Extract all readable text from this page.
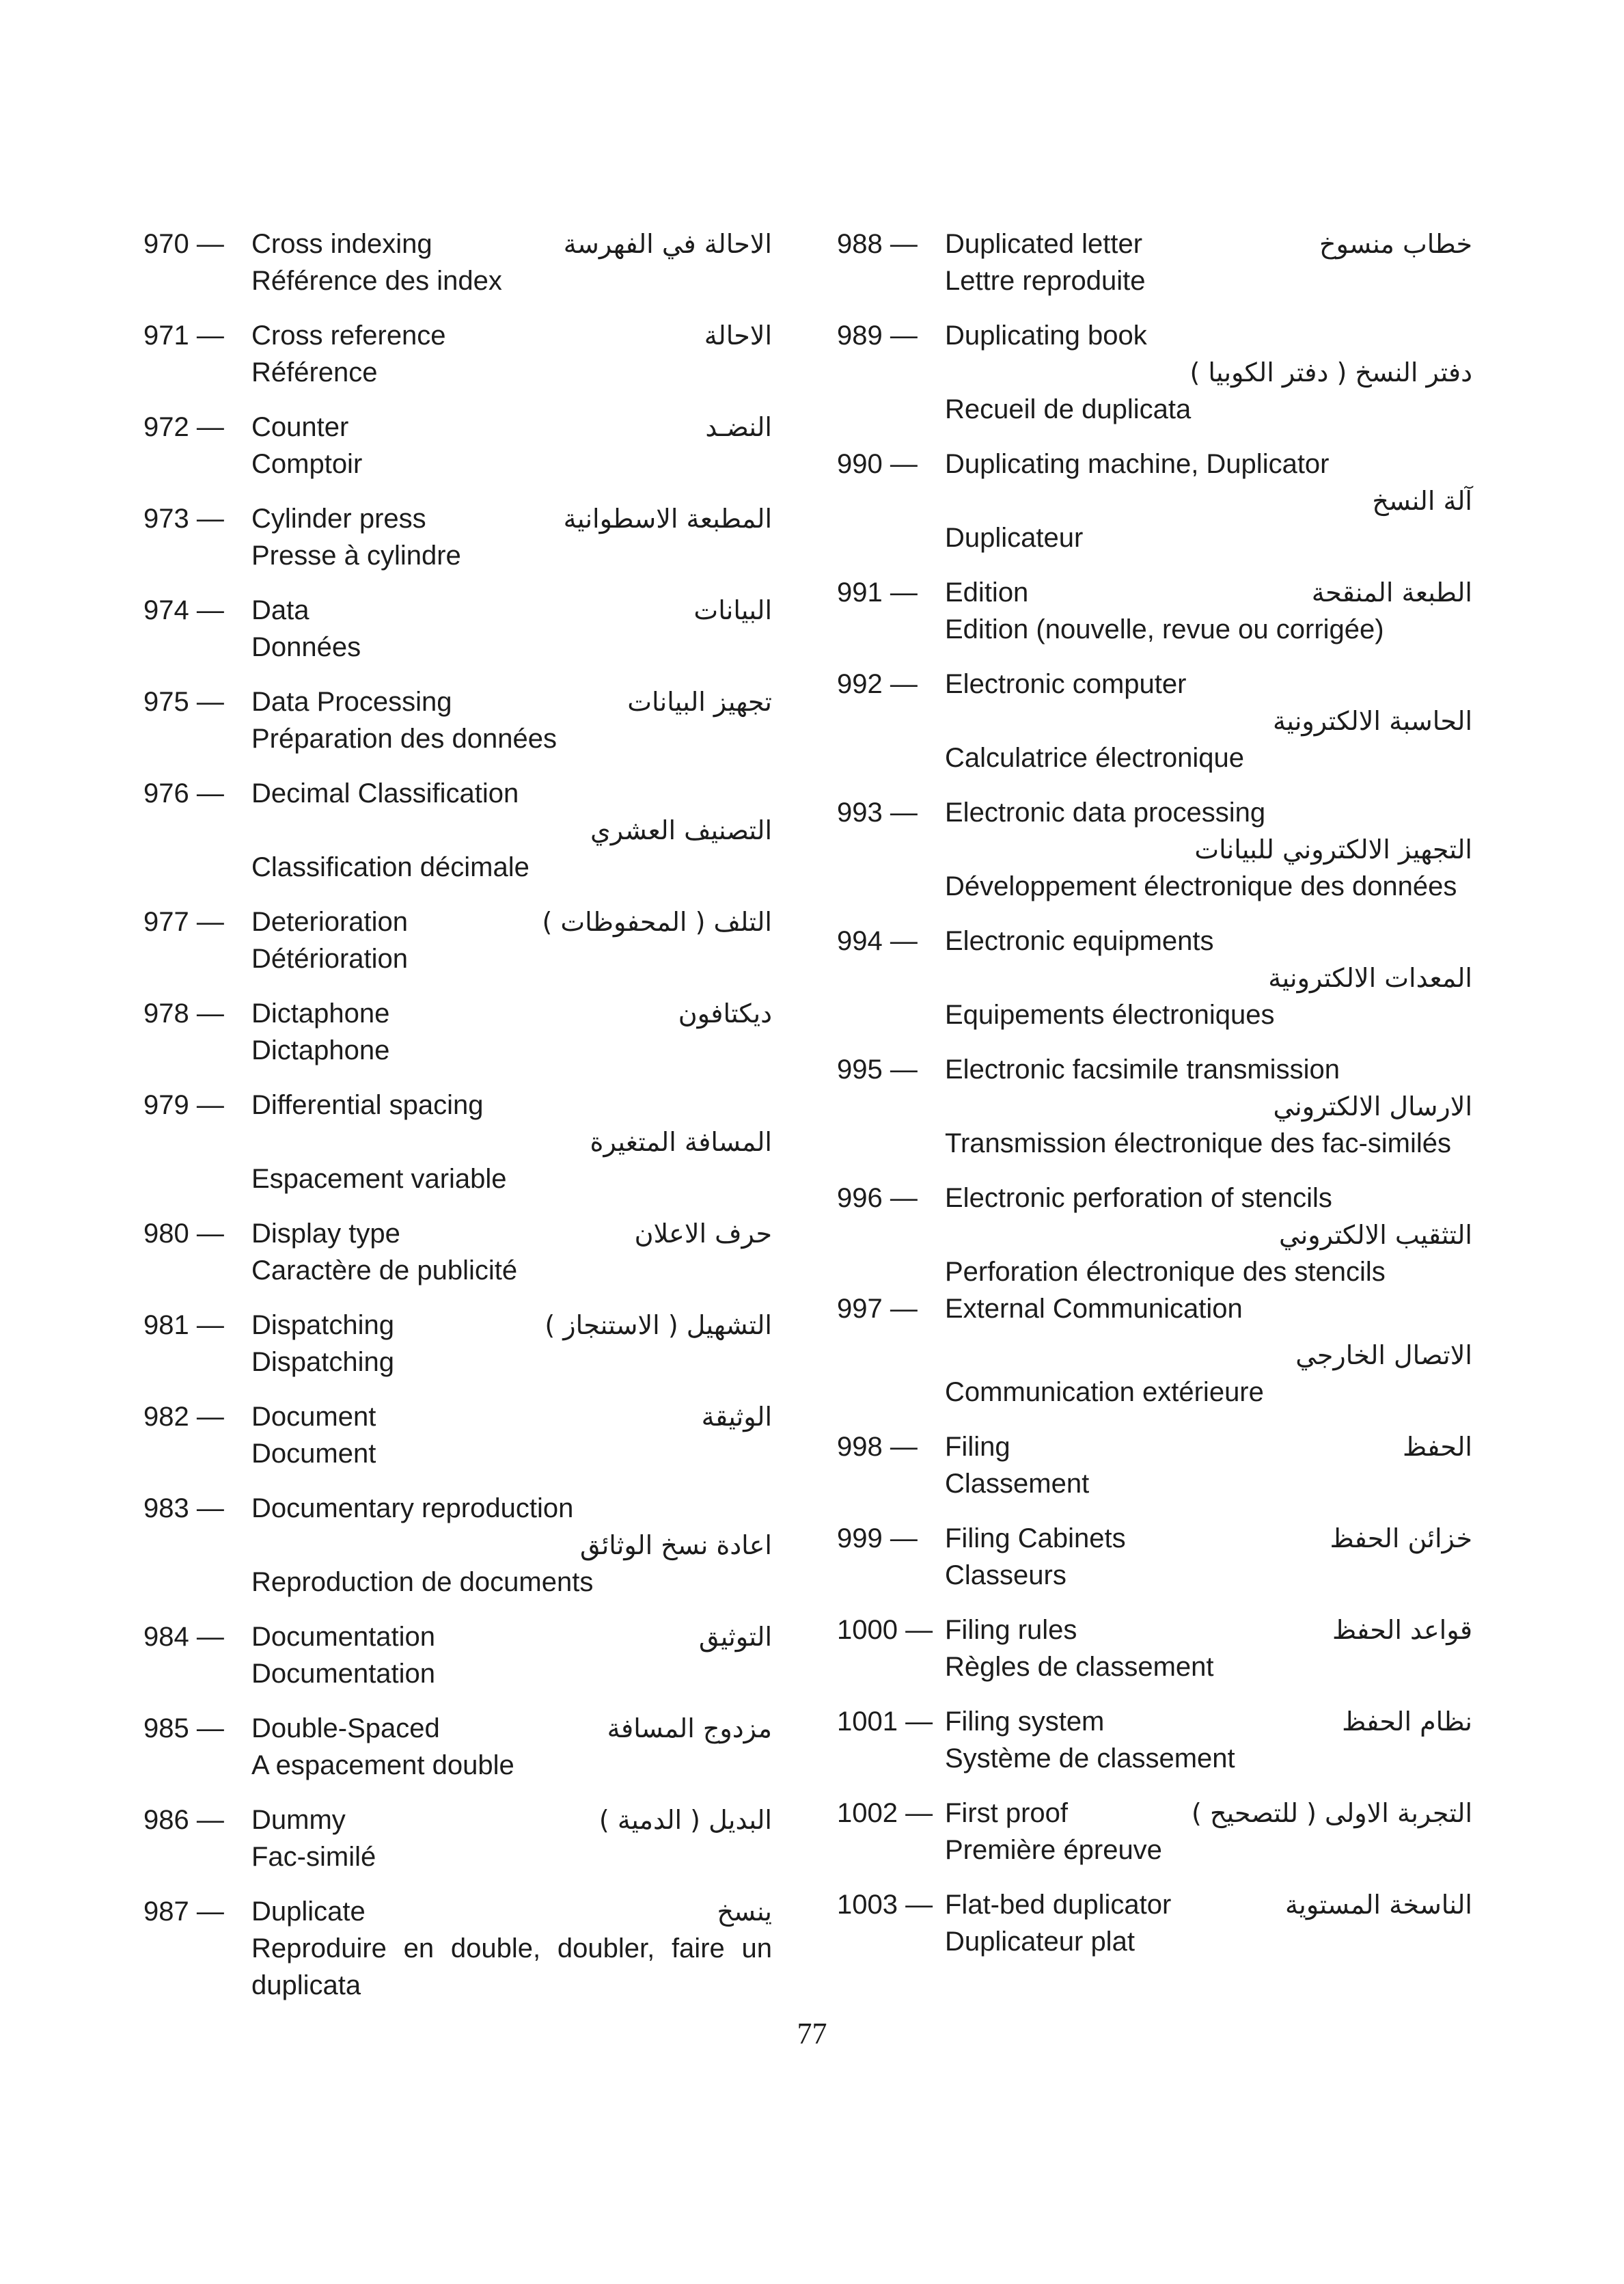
970 —	Cross indexing	الاحالة في الفهرسة
Référence des index
971 —	Cross reference	الاحالة
Référence
972 —	Counter	النضـد
Comptoir
973 —	Cylinder press	المطبعة الاسطوانية
Presse à cylindre
974 —	Data	البيانات
Données
975 —	Data Processing	تجهيز البيانات
Préparation des données
976 —	Decimal Classification
التصنيف العشري
Classification décimale
977 —	Deterioration	التلف ( المحفوظات )
Détérioration
978 —	Dictaphone	ديكتافون
Dictaphone
979 —	Differential spacing
المسافة المتغيرة
Espacement variable
980 —	Display type	حرف الاعلان
Caractère de publicité
981 —	Dispatching	التشهيل ( الاستنجاز )
Dispatching
982 —	Document	الوثيقة
Document
983 —	Documentary reproduction
اعادة نسخ الوثائق
Reproduction de documents
984 —	Documentation	التوثيق
Documentation
985 —	Double-Spaced	مزدوج المسافة
A espacement double
986 —	Dummy	البديل ( الدمية )
Fac-similé
987 —	Duplicate	ينسخ
Reproduire en double, doubler, faire un duplicata
988 —	Duplicated letter	خطاب منسوخ
Lettre reproduite
989 —	Duplicating book
دفتر النسخ ( دفتر الكوبيا )
Recueil de duplicata
990 —	Duplicating machine, Duplicator
آلة النسخ
Duplicateur
991 —	Edition	الطبعة المنقحة
Edition (nouvelle, revue ou corrigée)
992 —	Electronic computer
الحاسبة الالكترونية
Calculatrice électronique
993 —	Electronic data processing
التجهيز الالكتروني للبيانات
Développement électronique des données
994 —	Electronic equipments
المعدات الالكترونية
Equipements électroniques
995 —	Electronic facsimile transmission
الارسال الالكتروني
Transmission électronique des fac-similés
996 —	Electronic perforation of stencils
التثقيب الالكتروني
Perforation électronique des stencils
997 —	External Communication
الاتصال الخارجي
Communication extérieure
998 —	Filing	الحفظ
Classement
999 —	Filing Cabinets	خزائن الحفظ
Classeurs
1000 — Filing rules	قواعد الحفظ
Règles de classement
1001 — Filing system	نظام الحفظ
Système de classement
1002 — First proof	التجربة الاولى ( للتصحيح )
Première épreuve
1003 — Flat-bed duplicator	الناسخة المستوية
Duplicateur plat
77
